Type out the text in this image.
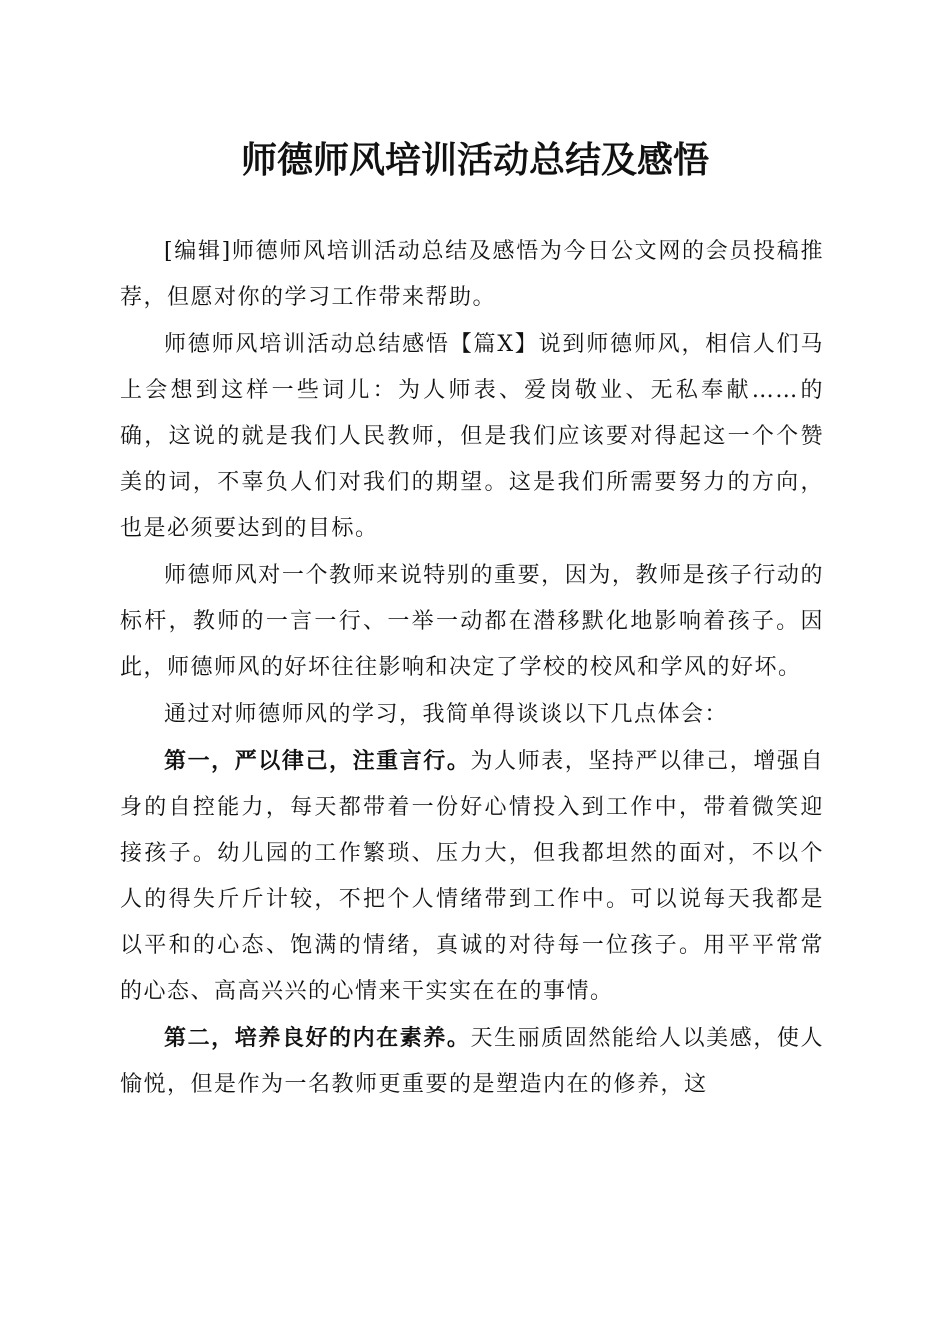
师德师风培训活动总结及感悟

[编辑]师德师风培训活动总结及感悟为今日公文网的会员投稿推荐，但愿对你的学习工作带来帮助。

师德师风培训活动总结感悟【篇X】说到师德师风，相信人们马上会想到这样一些词儿：为人师表、爱岗敬业、无私奉献……的确，这说的就是我们人民教师，但是我们应该要对得起这一个个赞美的词，不辜负人们对我们的期望。这是我们所需要努力的方向，也是必须要达到的目标。

师德师风对一个教师来说特别的重要，因为，教师是孩子行动的标杆，教师的一言一行、一举一动都在潜移默化地影响着孩子。因此，师德师风的好坏往往影响和决定了学校的校风和学风的好坏。

通过对师德师风的学习，我简单得谈谈以下几点体会：

第一，严以律己，注重言行。为人师表，坚持严以律己，增强自身的自控能力，每天都带着一份好心情投入到工作中，带着微笑迎接孩子。幼儿园的工作繁琐、压力大，但我都坦然的面对，不以个人的得失斤斤计较，不把个人情绪带到工作中。可以说每天我都是以平和的心态、饱满的情绪，真诚的对待每一位孩子。用平平常常的心态、高高兴兴的心情来干实实在在的事情。

第二，培养良好的内在素养。天生丽质固然能给人以美感，使人愉悦，但是作为一名教师更重要的是塑造内在的修养，这
